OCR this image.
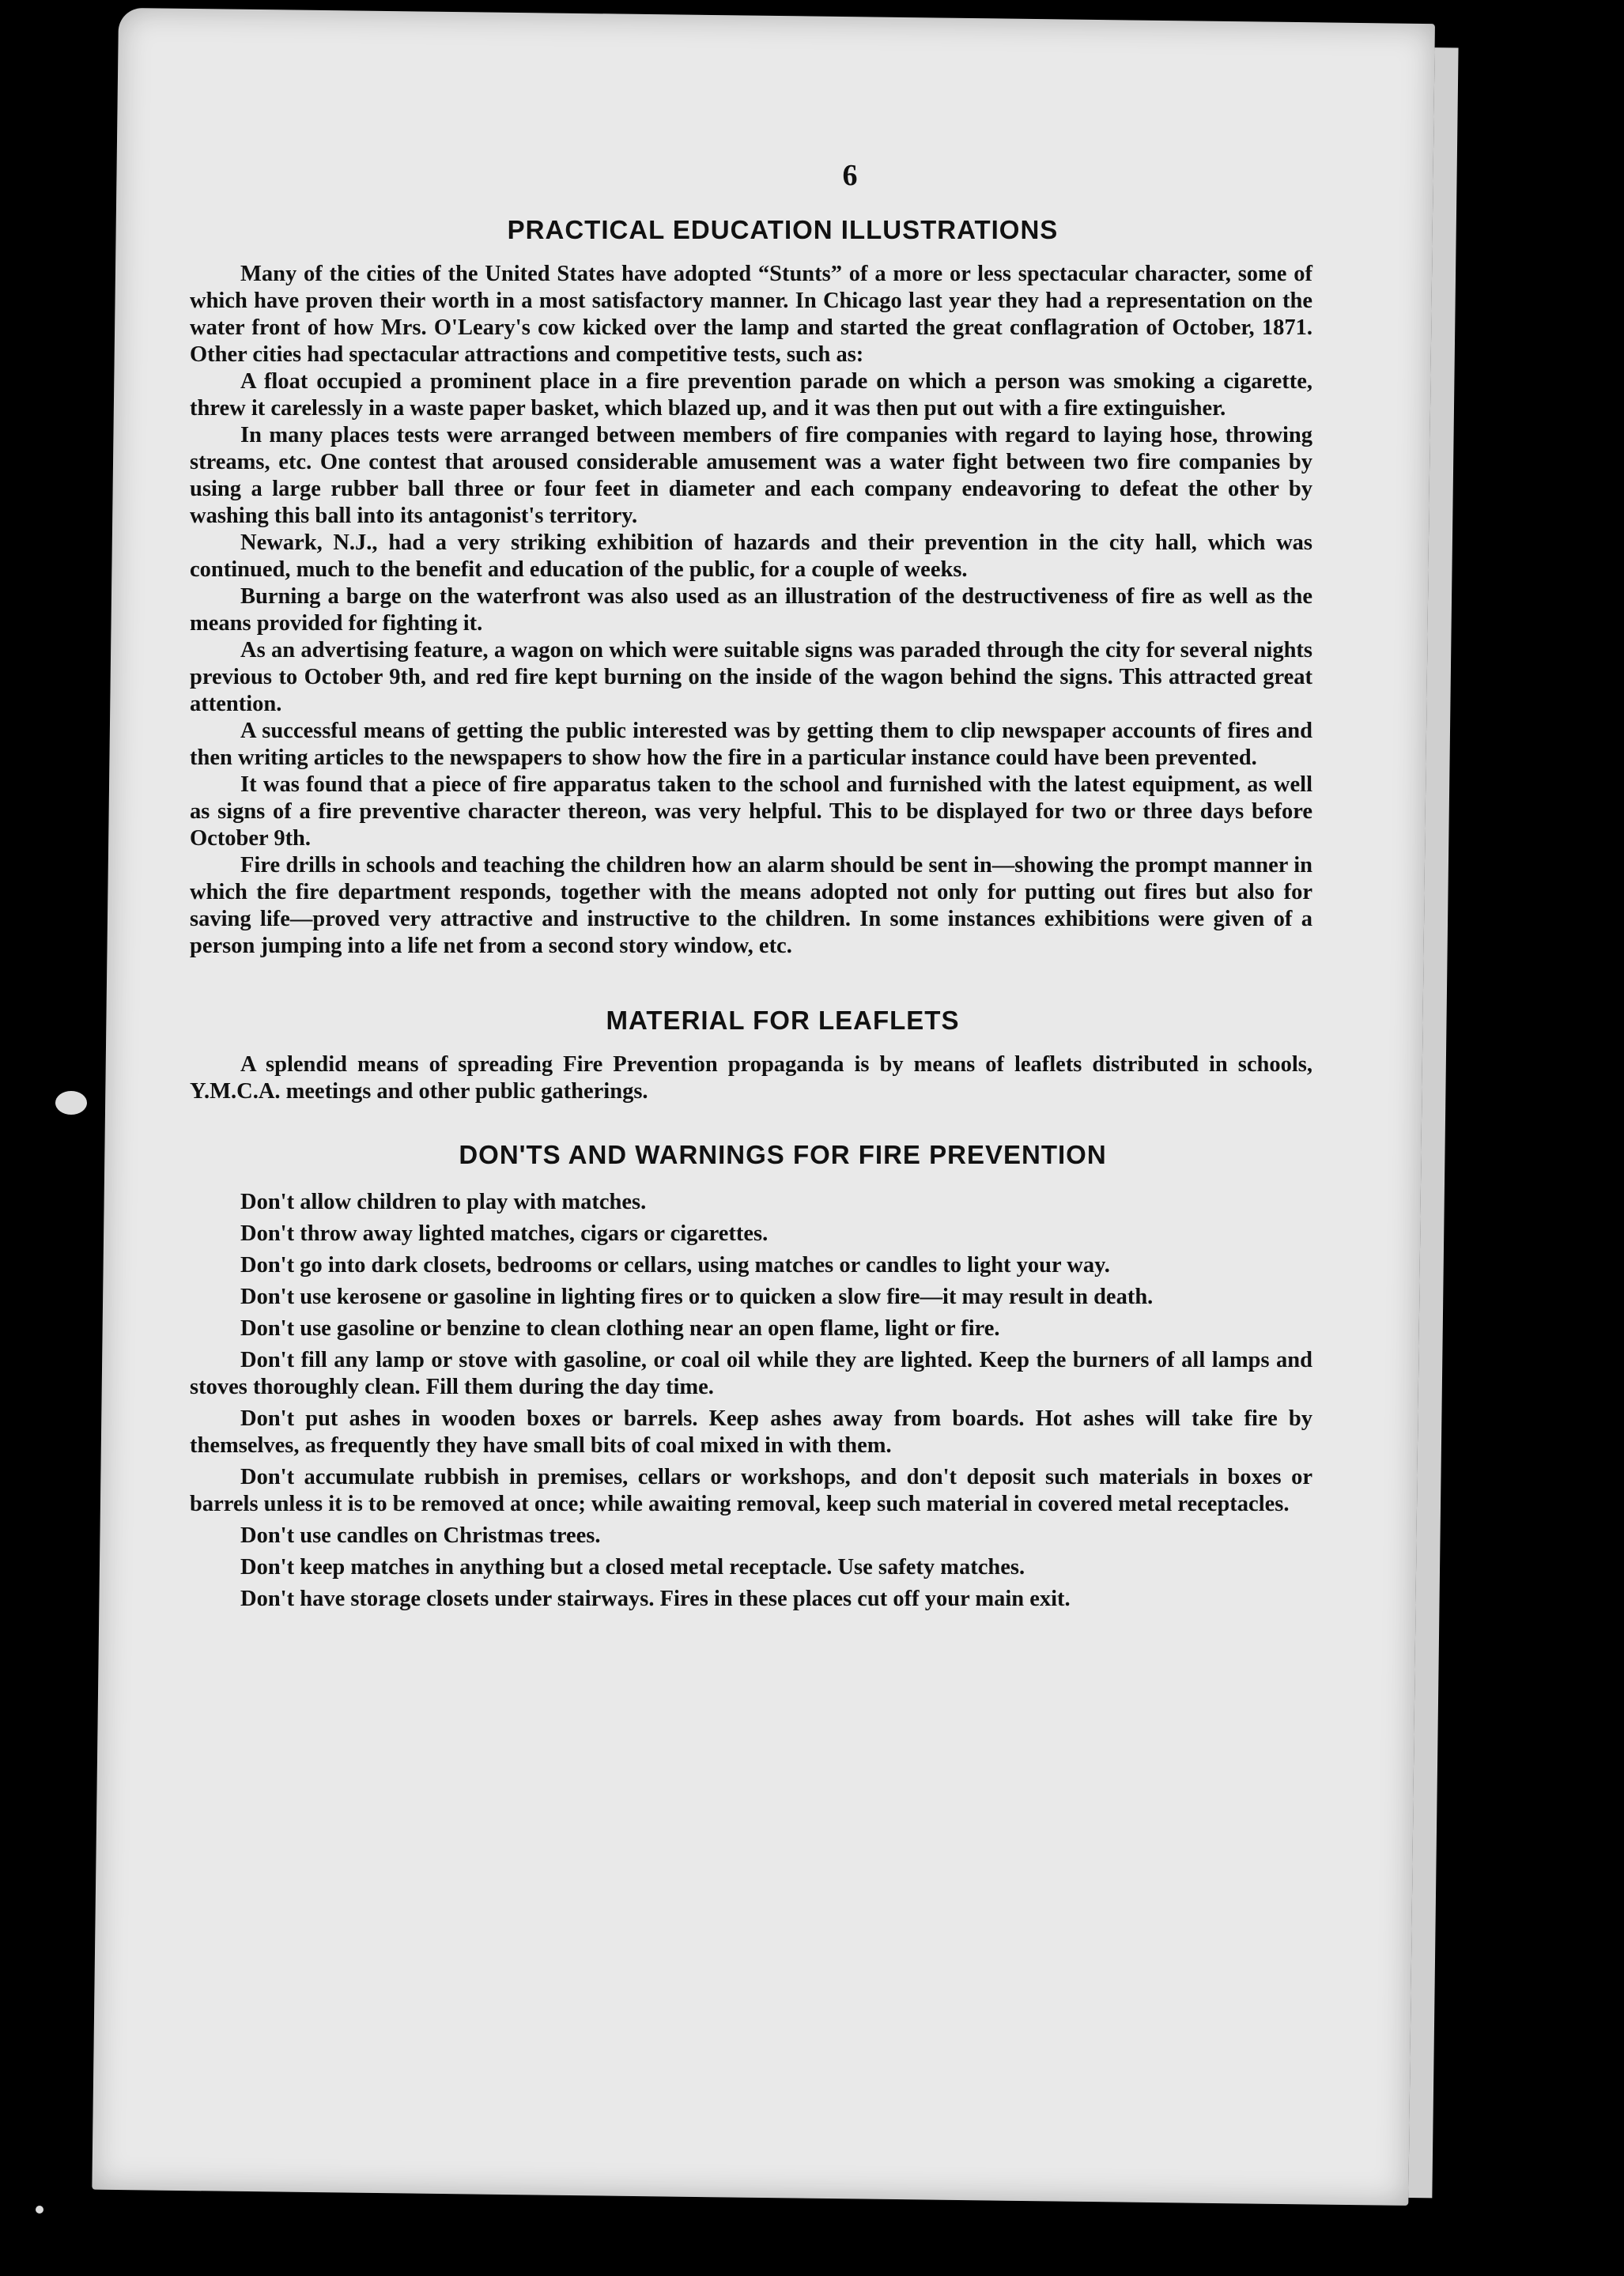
6
PRACTICAL EDUCATION ILLUSTRATIONS

Many of the cities of the United States have adopted “Stunts” of a more or less spectacular character, some of which have proven their worth in a most satisfactory manner. In Chicago last year they had a representation on the water front of how Mrs. O'Leary's cow kicked over the lamp and started the great conflagration of October, 1871. Other cities had spectacular attractions and competitive tests, such as:

A float occupied a prominent place in a fire prevention parade on which a person was smoking a cigarette, threw it carelessly in a waste paper basket, which blazed up, and it was then put out with a fire extinguisher.

In many places tests were arranged between members of fire companies with regard to laying hose, throwing streams, etc. One contest that aroused considerable amusement was a water fight between two fire companies by using a large rubber ball three or four feet in diameter and each company endeavoring to defeat the other by washing this ball into its antagonist's territory.

Newark, N.J., had a very striking exhibition of hazards and their prevention in the city hall, which was continued, much to the benefit and education of the public, for a couple of weeks.

Burning a barge on the waterfront was also used as an illustration of the destructiveness of fire as well as the means provided for fighting it.

As an advertising feature, a wagon on which were suitable signs was paraded through the city for several nights previous to October 9th, and red fire kept burning on the inside of the wagon behind the signs. This attracted great attention.

A successful means of getting the public interested was by getting them to clip newspaper accounts of fires and then writing articles to the newspapers to show how the fire in a particular instance could have been prevented.

It was found that a piece of fire apparatus taken to the school and furnished with the latest equipment, as well as signs of a fire preventive character thereon, was very helpful. This to be displayed for two or three days before October 9th.

Fire drills in schools and teaching the children how an alarm should be sent in—showing the prompt manner in which the fire department responds, together with the means adopted not only for putting out fires but also for saving life—proved very attractive and instructive to the children. In some instances exhibitions were given of a person jumping into a life net from a second story window, etc.

MATERIAL FOR LEAFLETS

A splendid means of spreading Fire Prevention propaganda is by means of leaflets distributed in schools, Y.M.C.A. meetings and other public gatherings.

DON'TS AND WARNINGS FOR FIRE PREVENTION

Don't allow children to play with matches.

Don't throw away lighted matches, cigars or cigarettes.

Don't go into dark closets, bedrooms or cellars, using matches or candles to light your way.

Don't use kerosene or gasoline in lighting fires or to quicken a slow fire—it may result in death.

Don't use gasoline or benzine to clean clothing near an open flame, light or fire.

Don't fill any lamp or stove with gasoline, or coal oil while they are lighted. Keep the burners of all lamps and stoves thoroughly clean. Fill them during the day time.

Don't put ashes in wooden boxes or barrels. Keep ashes away from boards. Hot ashes will take fire by themselves, as frequently they have small bits of coal mixed in with them.

Don't accumulate rubbish in premises, cellars or workshops, and don't deposit such materials in boxes or barrels unless it is to be removed at once; while awaiting removal, keep such material in covered metal receptacles.

Don't use candles on Christmas trees.

Don't keep matches in anything but a closed metal receptacle. Use safety matches.

Don't have storage closets under stairways. Fires in these places cut off your main exit.
